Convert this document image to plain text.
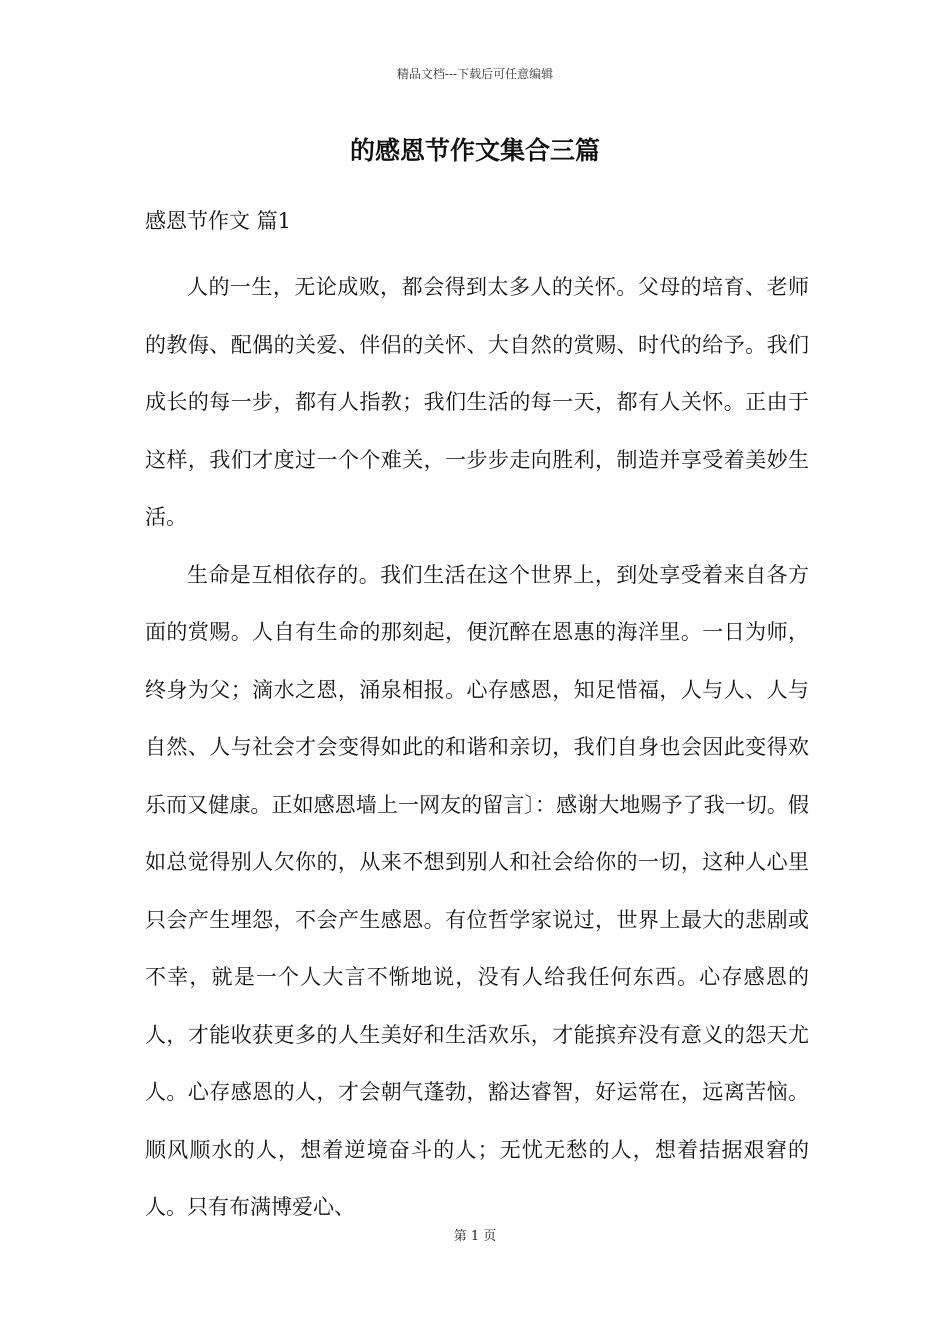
精品文档---下载后可任意编辑
的感恩节作文集合三篇
感恩节作文 篇1

人的一生，无论成败，都会得到太多人的关怀。父母的培育、老师的教侮、配偶的关爱、伴侣的关怀、大自然的赏赐、时代的给予。我们成长的每一步，都有人指教；我们生活的每一天，都有人关怀。正由于这样，我们才度过一个个难关，一步步走向胜利，制造并享受着美妙生活。

生命是互相依存的。我们生活在这个世界上，到处享受着来自各方面的赏赐。人自有生命的那刻起，便沉醉在恩惠的海洋里。一日为师，终身为父；滴水之恩，涌泉相报。心存感恩，知足惜福，人与人、人与自然、人与社会才会变得如此的和谐和亲切，我们自身也会因此变得欢乐而又健康。正如感恩墙上一网友的留言〕：感谢大地赐予了我一切。假如总觉得别人欠你的，从来不想到别人和社会给你的一切，这种人心里只会产生埋怨，不会产生感恩。有位哲学家说过，世界上最大的悲剧或不幸，就是一个人大言不惭地说，没有人给我任何东西。心存感恩的人，才能收获更多的人生美好和生活欢乐，才能摈弃没有意义的怨天尤人。心存感恩的人，才会朝气蓬勃，豁达睿智，好运常在，远离苦恼。顺风顺水的人，想着逆境奋斗的人；无忧无愁的人，想着拮据艰窘的人。只有布满博爱心、

第 1 页
